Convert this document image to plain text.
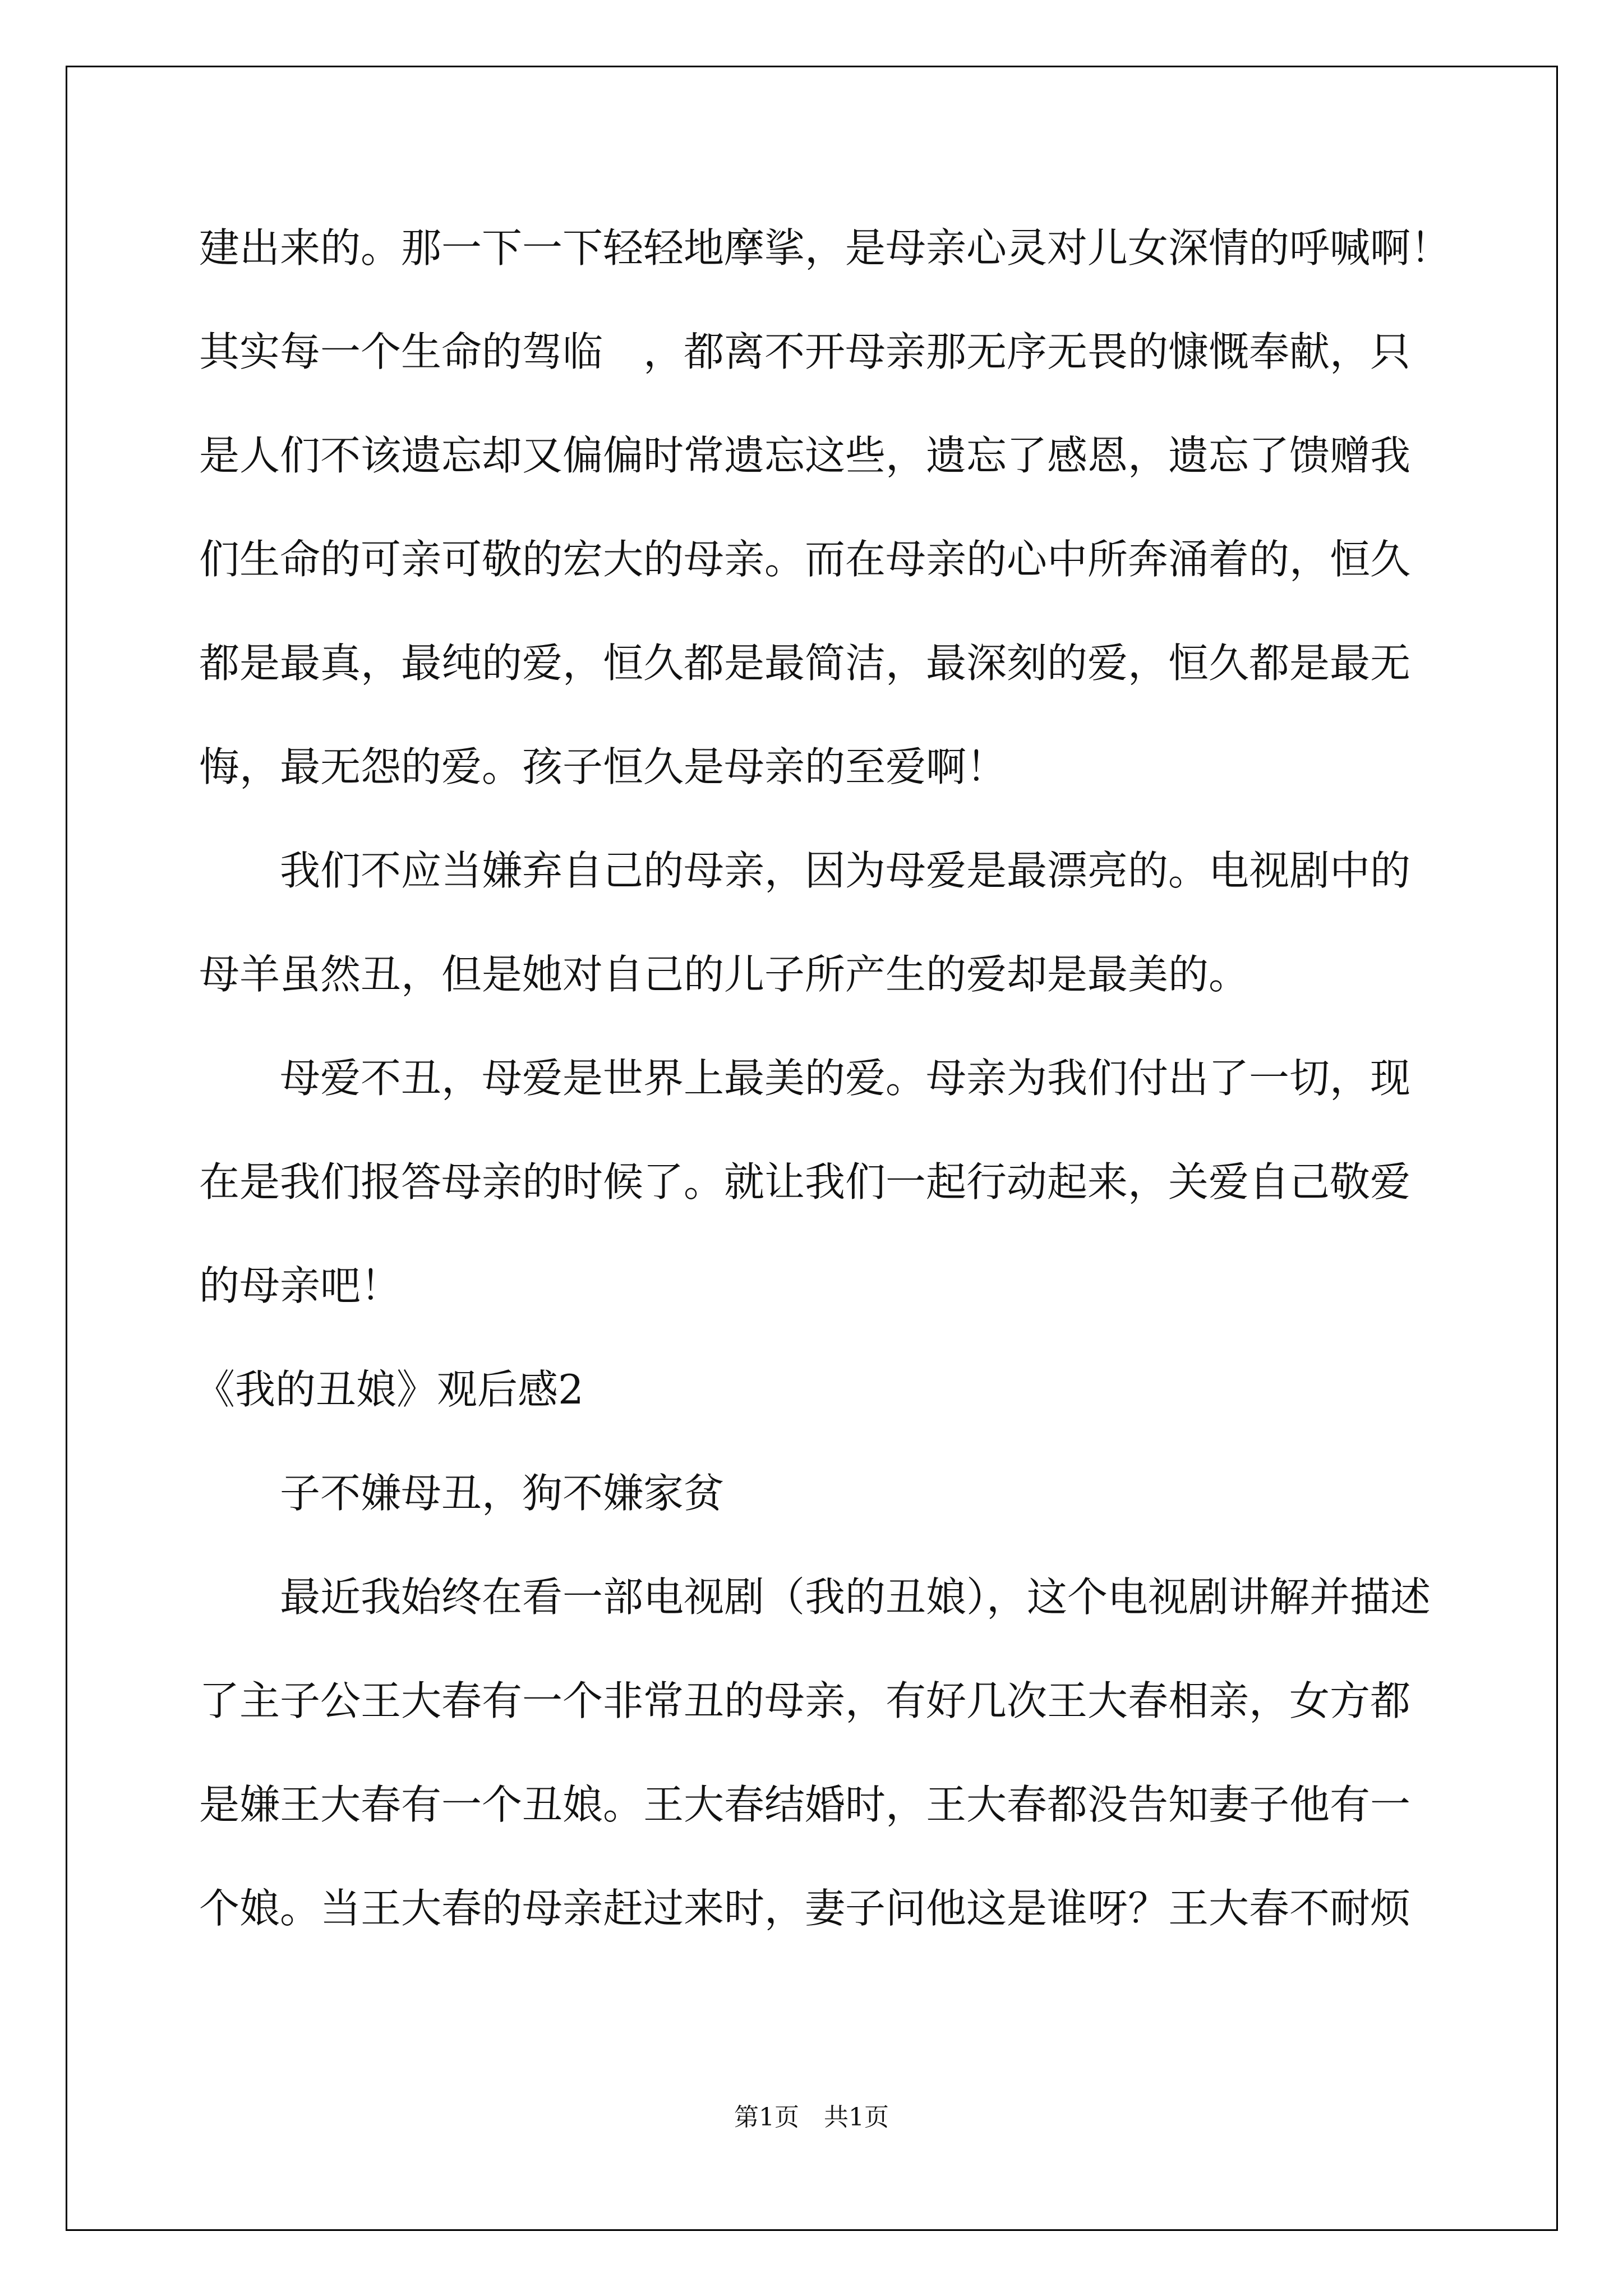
建出来的。那一下一下轻轻地摩挲，是母亲心灵对儿女深情的呼喊啊！
其实每一个生命的驾临　，都离不开母亲那无序无畏的慷慨奉献，只
是人们不该遗忘却又偏偏时常遗忘这些，遗忘了感恩，遗忘了馈赠我
们生命的可亲可敬的宏大的母亲。而在母亲的心中所奔涌着的，恒久
都是最真，最纯的爱，恒久都是最简洁，最深刻的爱，恒久都是最无
悔，最无怨的爱。孩子恒久是母亲的至爱啊！
我们不应当嫌弃自己的母亲，因为母爱是最漂亮的。电视剧中的
母羊虽然丑，但是她对自己的儿子所产生的爱却是最美的。
母爱不丑，母爱是世界上最美的爱。母亲为我们付出了一切，现
在是我们报答母亲的时候了。就让我们一起行动起来，关爱自己敬爱
的母亲吧！
《我的丑娘》观后感2
子不嫌母丑，狗不嫌家贫
最近我始终在看一部电视剧（我的丑娘），这个电视剧讲解并描述
了主子公王大春有一个非常丑的母亲，有好几次王大春相亲，女方都
是嫌王大春有一个丑娘。王大春结婚时，王大春都没告知妻子他有一
个娘。当王大春的母亲赶过来时，妻子问他这是谁呀？王大春不耐烦
第1页　共1页
